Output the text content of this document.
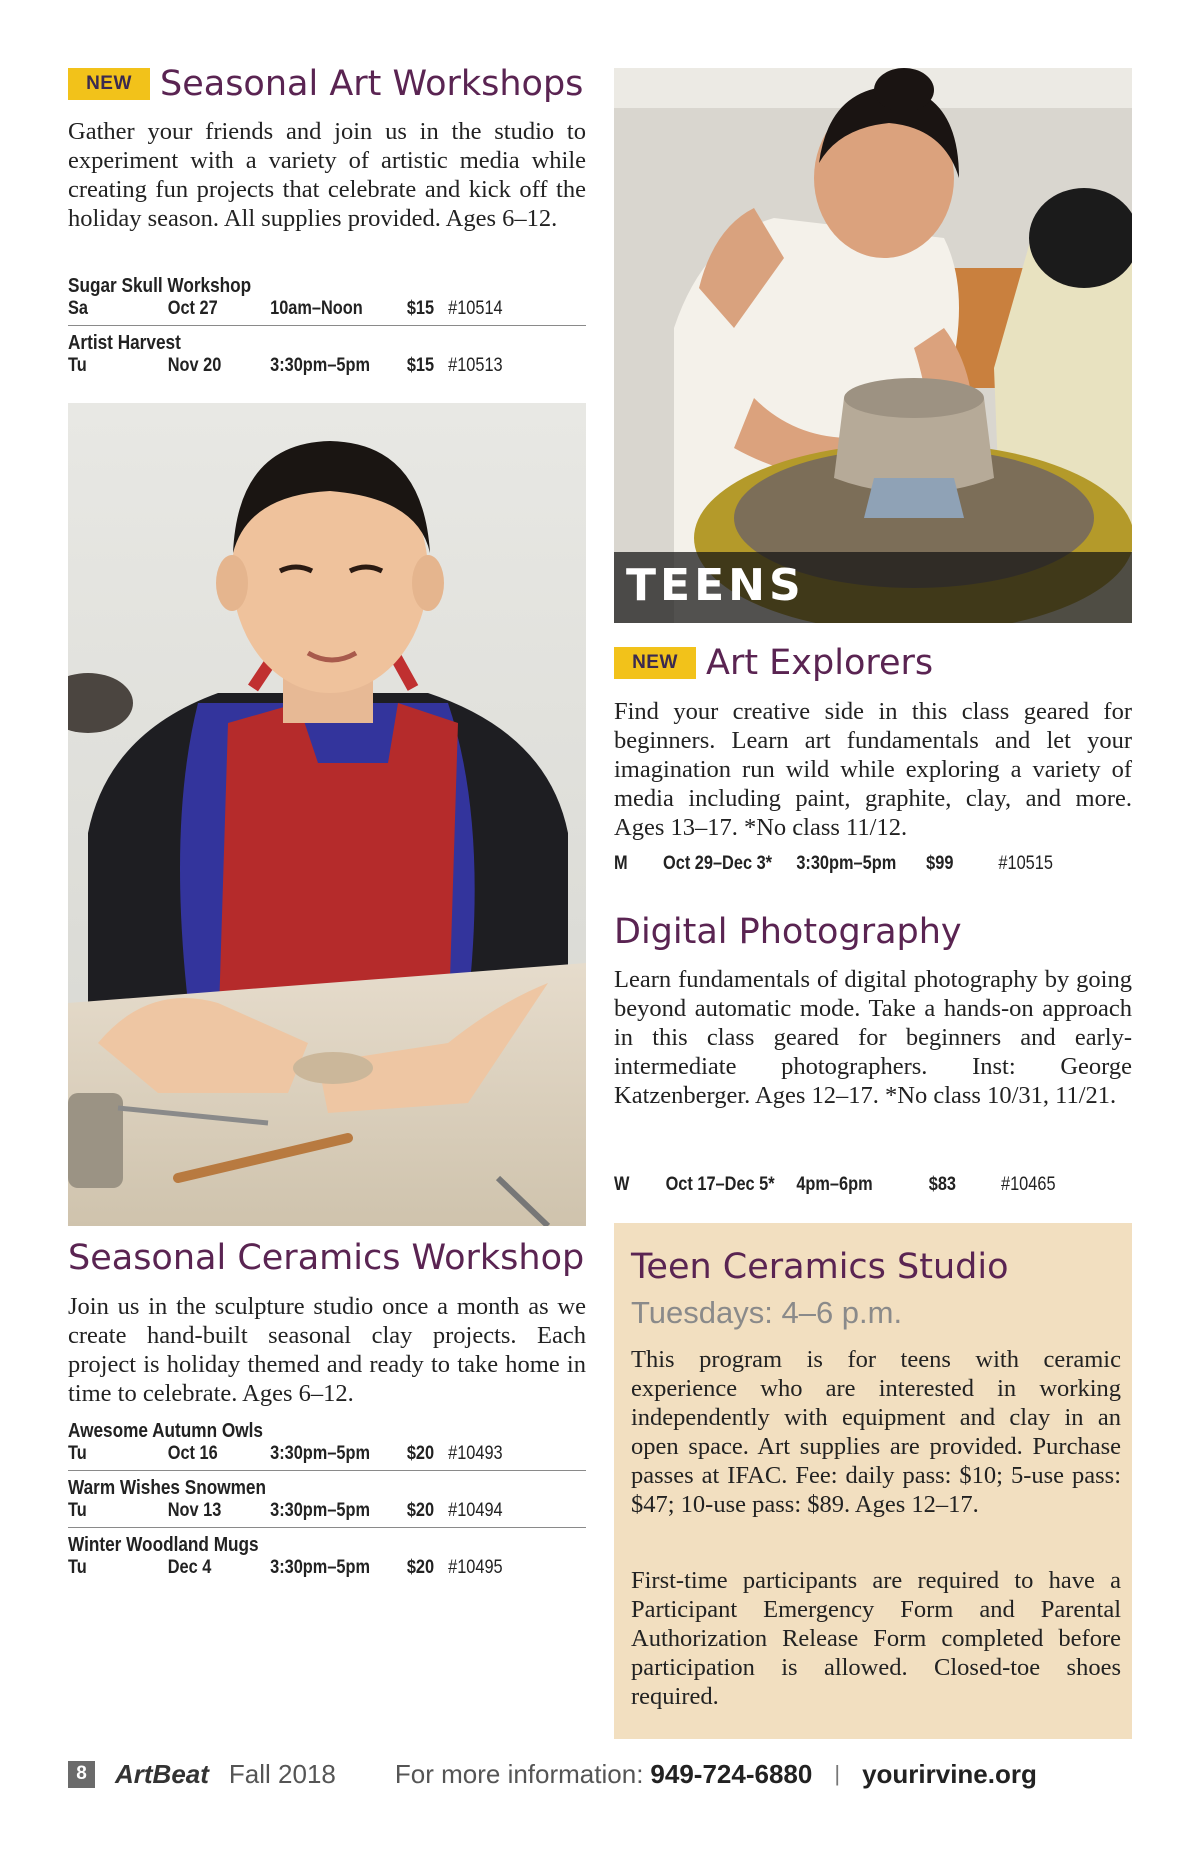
NEW Seasonal Art Workshops
Gather your friends and join us in the studio to experiment with a variety of artistic media while creating fun projects that celebrate and kick off the holiday season. All supplies provided. Ages 6–12.
Sugar Skull Workshop
Sa	Oct 27	10am–Noon $15 #10514
Artist Harvest
Tu	Nov 20	3:30pm–5pm $15 #10513
Seasonal Ceramics Workshop
Join us in the sculpture studio once a month as we create hand-built seasonal clay projects. Each project is holiday themed and ready to take home in time to celebrate. Ages 6–12.
Awesome Autumn Owls
Tu	Oct 16	3:30pm–5pm $20 #10493
Warm Wishes Snowmen
Tu	Nov 13	3:30pm–5pm $20 #10494
Winter Woodland Mugs
Tu	Dec 4	3:30pm–5pm $20 #10495
TEENS
NEW Art Explorers
Find your creative side in this class geared for beginners. Learn art fundamentals and let your imagination run wild while exploring a variety of media including paint, graphite, clay, and more. Ages 13–17. *No class 11/12.
M Oct 29–Dec 3* 3:30pm–5pm $99 #10515
Digital Photography
Learn fundamentals of digital photography by going beyond automatic mode. Take a hands-on approach in this class geared for beginners and early-intermediate photographers. Inst: George Katzenberger. Ages 12–17. *No class 10/31, 11/21.
W Oct 17–Dec 5* 4pm–6pm	$83 #10465
Teen Ceramics Studio
Tuesdays: 4–6 p.m.
This program is for teens with ceramic experience who are interested in working independently with equipment and clay in an open space. Art supplies are provided. Purchase passes at IFAC. Fee: daily pass: $10; 5-use pass: $47; 10-use pass: $89. Ages 12–17.
First-time participants are required to have a Participant Emergency Form and Parental Authorization Release Form completed before participation is allowed. Closed-toe shoes required.
8	ArtBeat Fall 2018 For more information: 949-724-6880 | yourirvine.org
